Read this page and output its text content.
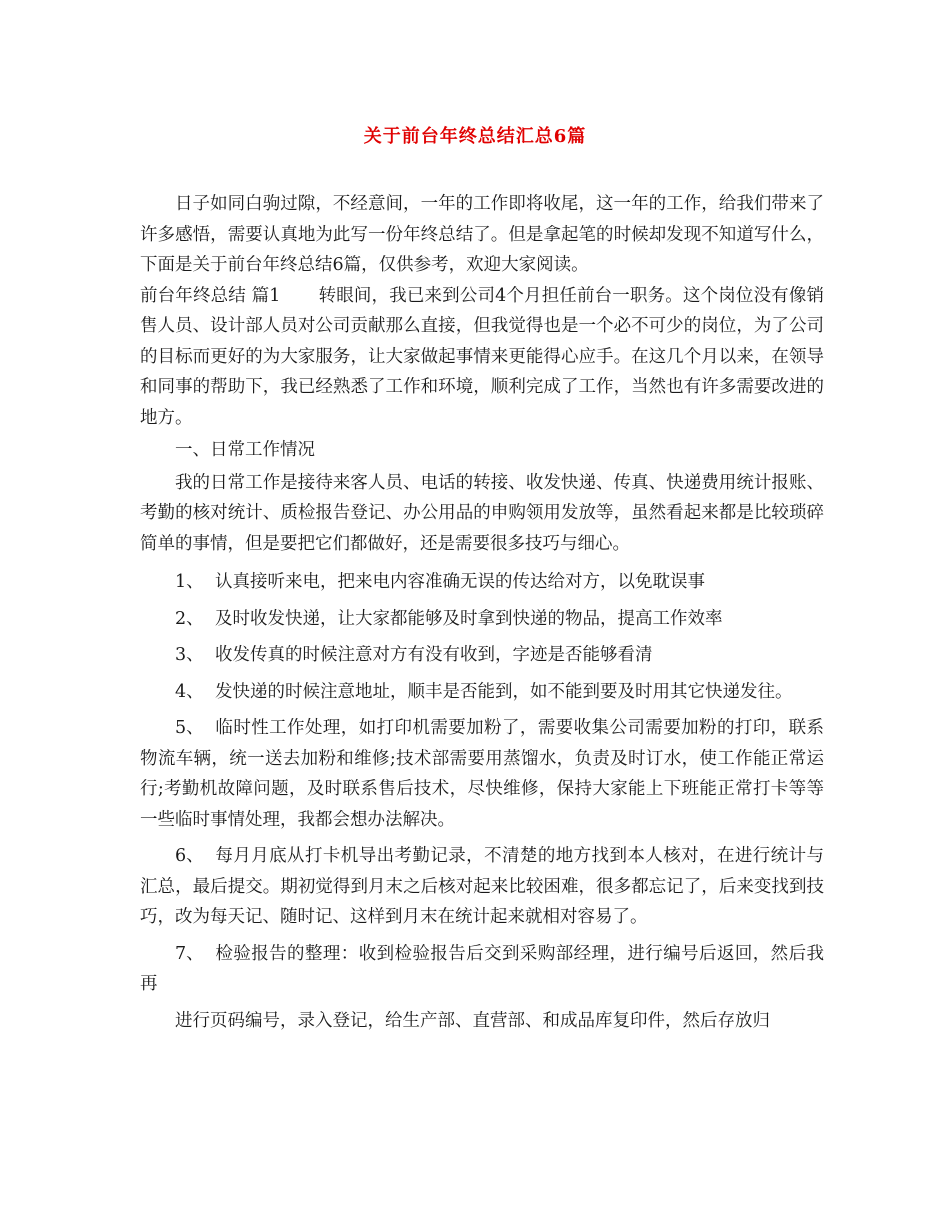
关于前台年终总结汇总6篇

日子如同白驹过隙，不经意间，一年的工作即将收尾，这一年的工作，给我们带来了许多感悟，需要认真地为此写一份年终总结了。但是拿起笔的时候却发现不知道写什么，下面是关于前台年终总结6篇，仅供参考，欢迎大家阅读。

前台年终总结 篇1 转眼间，我已来到公司4个月担任前台一职务。这个岗位没有像销售人员、设计部人员对公司贡献那么直接，但我觉得也是一个必不可少的岗位，为了公司的目标而更好的为大家服务，让大家做起事情来更能得心应手。在这几个月以来，在领导和同事的帮助下，我已经熟悉了工作和环境，顺利完成了工作，当然也有许多需要改进的地方。

一、日常工作情况

我的日常工作是接待来客人员、电话的转接、收发快递、传真、快递费用统计报账、考勤的核对统计、质检报告登记、办公用品的申购领用发放等，虽然看起来都是比较琐碎简单的事情，但是要把它们都做好，还是需要很多技巧与细心。

1、 认真接听来电，把来电内容准确无误的传达给对方，以免耽误事

2、 及时收发快递，让大家都能够及时拿到快递的物品，提高工作效率

3、 收发传真的时候注意对方有没有收到，字迹是否能够看清

4、 发快递的时候注意地址，顺丰是否能到，如不能到要及时用其它快递发往。

5、 临时性工作处理，如打印机需要加粉了，需要收集公司需要加粉的打印，联系物流车辆，统一送去加粉和维修;技术部需要用蒸馏水，负责及时订水，使工作能正常运行;考勤机故障问题，及时联系售后技术，尽快维修，保持大家能上下班能正常打卡等等一些临时事情处理，我都会想办法解决。

6、 每月月底从打卡机导出考勤记录，不清楚的地方找到本人核对，在进行统计与汇总，最后提交。期初觉得到月末之后核对起来比较困难，很多都忘记了，后来变找到技巧，改为每天记、随时记、这样到月末在统计起来就相对容易了。

7、 检验报告的整理：收到检验报告后交到采购部经理，进行编号后返回，然后我再

进行页码编号，录入登记，给生产部、直营部、和成品库复印件，然后存放归
